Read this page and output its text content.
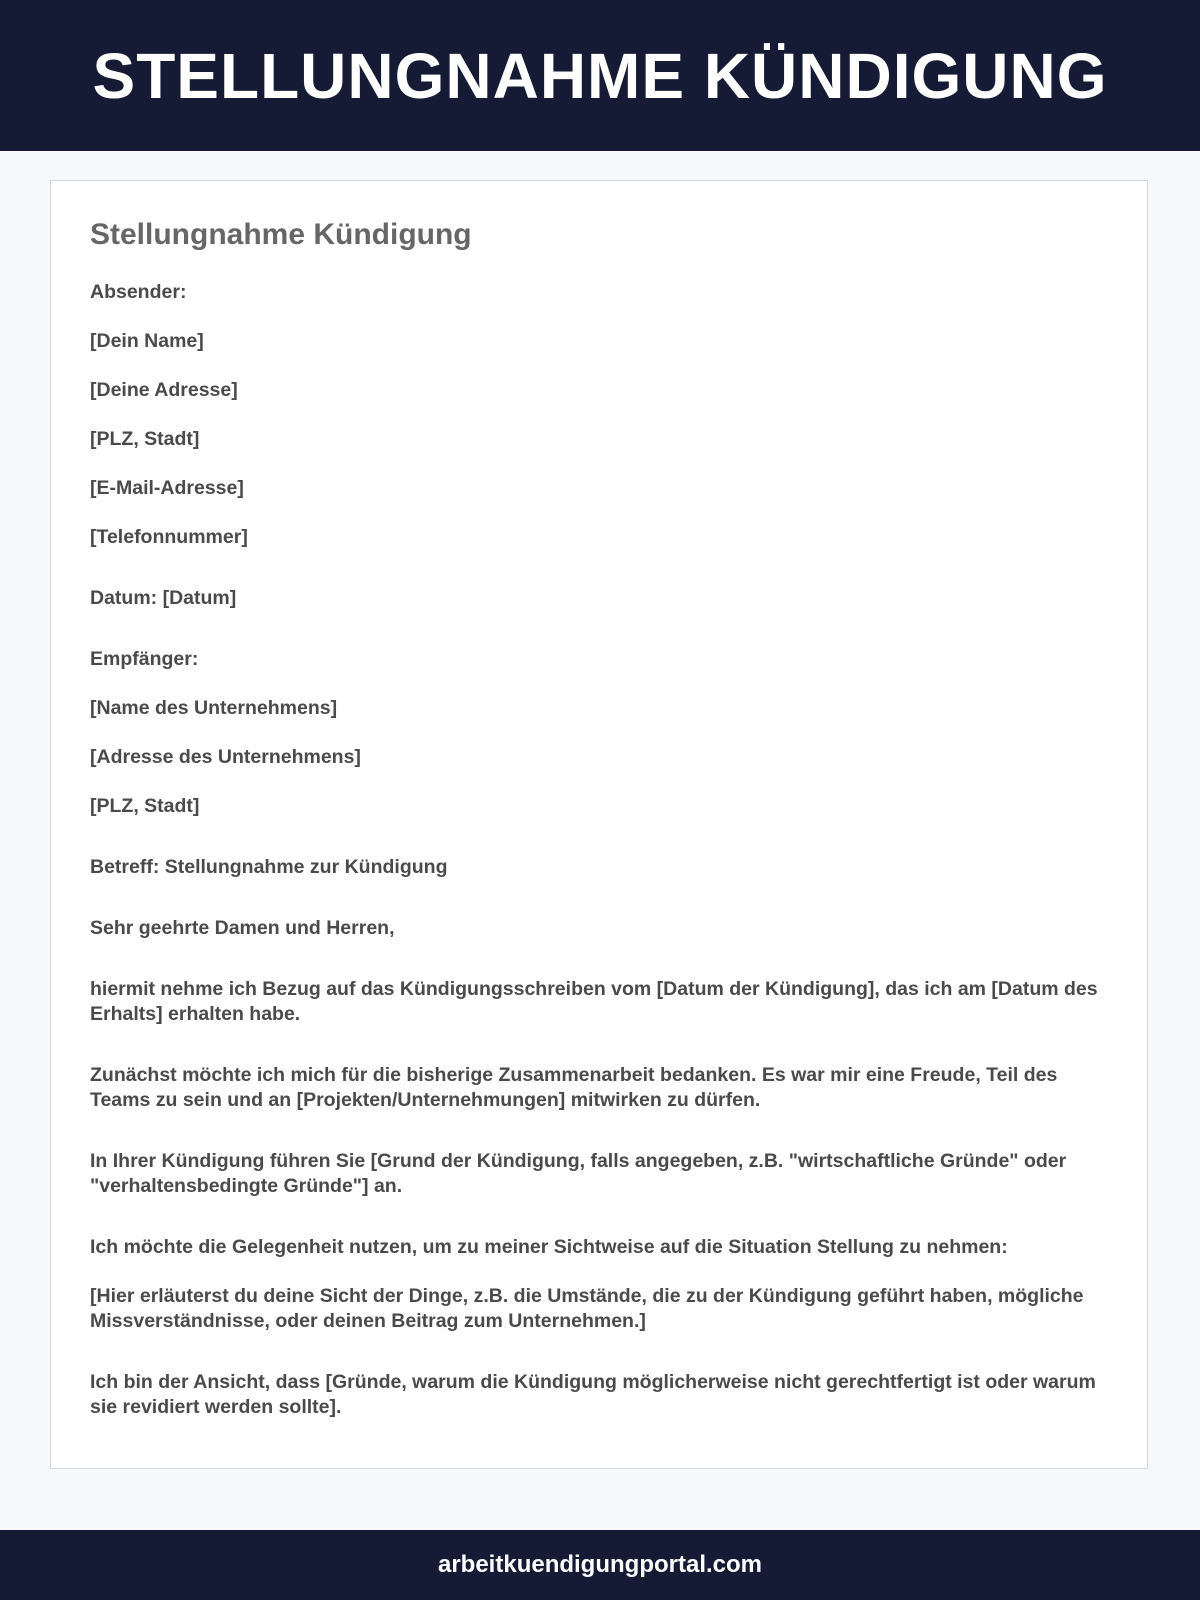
STELLUNGNAHME KÜNDIGUNG
Stellungnahme Kündigung

Absender:

[Dein Name]

[Deine Adresse]

[PLZ, Stadt]

[E-Mail-Adresse]

[Telefonnummer]

Datum: [Datum]

Empfänger:

[Name des Unternehmens]

[Adresse des Unternehmens]

[PLZ, Stadt]

Betreff: Stellungnahme zur Kündigung

Sehr geehrte Damen und Herren,

hiermit nehme ich Bezug auf das Kündigungsschreiben vom [Datum der Kündigung], das ich am [Datum des Erhalts] erhalten habe.

Zunächst möchte ich mich für die bisherige Zusammenarbeit bedanken. Es war mir eine Freude, Teil des Teams zu sein und an [Projekten/Unternehmungen] mitwirken zu dürfen.

In Ihrer Kündigung führen Sie [Grund der Kündigung, falls angegeben, z.B. "wirtschaftliche Gründe" oder "verhaltensbedingte Gründe"] an.

Ich möchte die Gelegenheit nutzen, um zu meiner Sichtweise auf die Situation Stellung zu nehmen:

[Hier erläuterst du deine Sicht der Dinge, z.B. die Umstände, die zu der Kündigung geführt haben, mögliche Missverständnisse, oder deinen Beitrag zum Unternehmen.]

Ich bin der Ansicht, dass [Gründe, warum die Kündigung möglicherweise nicht gerechtfertigt ist oder warum sie revidiert werden sollte].

arbeitkuendigungportal.com
